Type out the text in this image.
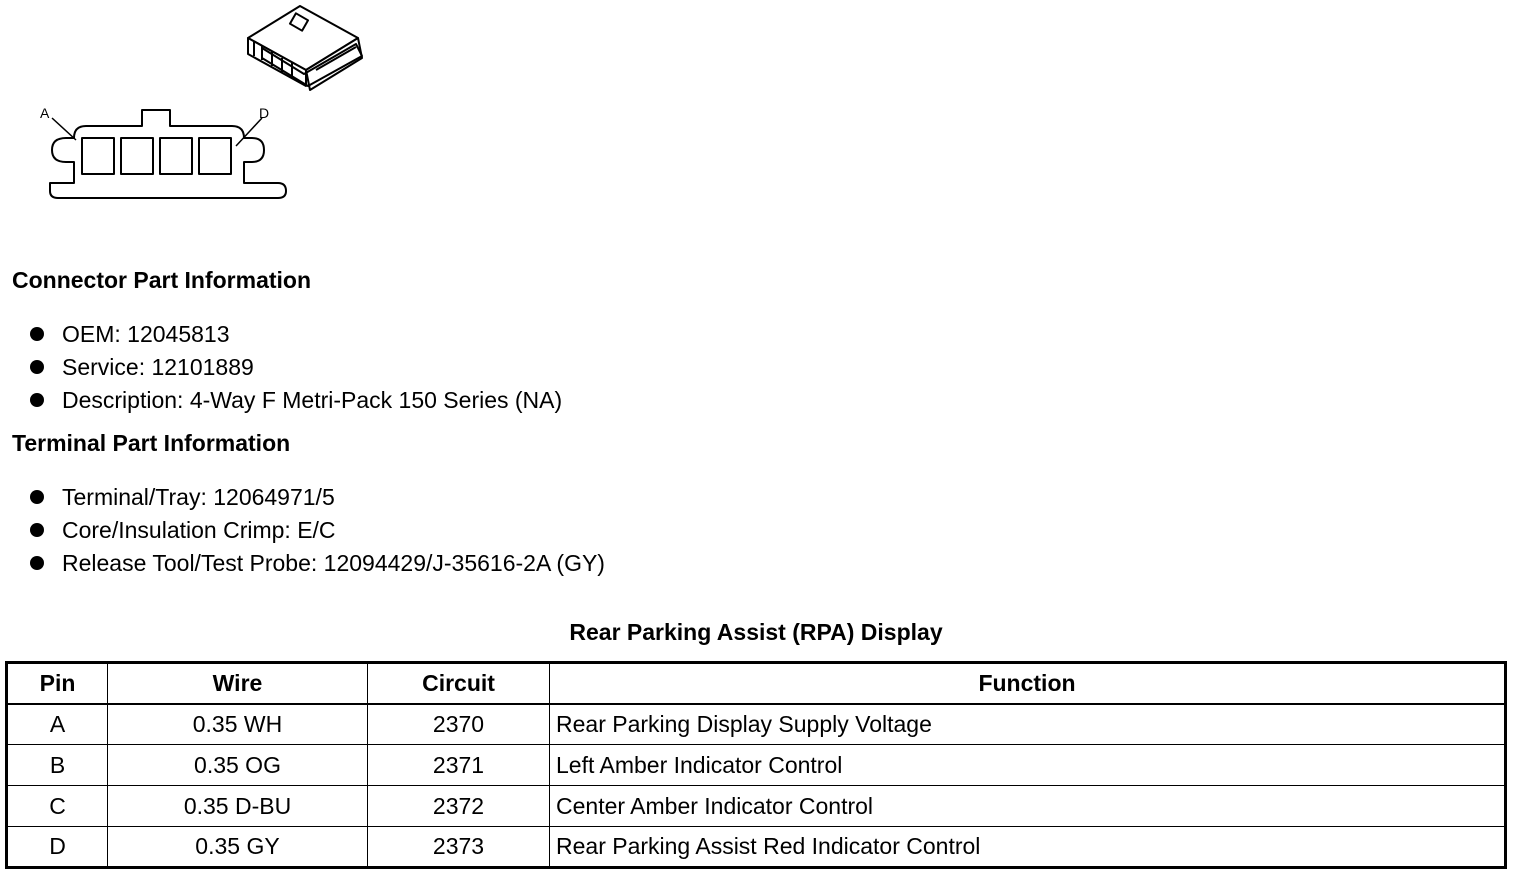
A	D
Connector Part Information
OEM: 12045813
Service: 12101889
Description: 4-Way F Metri-Pack 150 Series (NA)
Terminal Part Information
Terminal/Tray: 12064971/5
Core/Insulation Crimp: E/C
Release Tool/Test Probe: 12094429/J-35616-2A (GY)
Rear Parking Assist (RPA) Display
Pin	Wire	Circuit	Function
A	0.35 WH	2370	Rear Parking Display Supply Voltage
B	0.35 OG	2371	Left Amber Indicator Control
C	0.35 D-BU	2372	Center Amber Indicator Control
D	0.35 GY	2373	Rear Parking Assist Red Indicator Control
